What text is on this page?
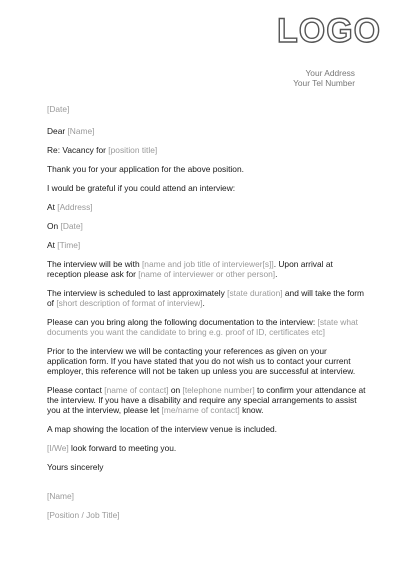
LOGO
Your Address
Your Tel Number

[Date]

Dear [Name]

Re: Vacancy for [position title]

Thank you for your application for the above position.

I would be grateful if you could attend an interview:

At [Address]

On [Date]

At [Time]

The interview will be with [name and job title of interviewer[s]]. Upon arrival at reception please ask for [name of interviewer or other person].

The interview is scheduled to last approximately [state duration] and will take the form of [short description of format of interview].

Please can you bring along the following documentation to the interview: [state what documents you want the candidate to bring e.g. proof of ID, certificates etc]

Prior to the interview we will be contacting your references as given on your application form. If you have stated that you do not wish us to contact your current employer, this reference will not be taken up unless you are successful at interview.

Please contact [name of contact] on [telephone number] to confirm your attendance at the interview. If you have a disability and require any special arrangements to assist you at the interview, please let [me/name of contact] know.

A map showing the location of the interview venue is included.

[I/We] look forward to meeting you.

Yours sincerely

[Name]

[Position / Job Title]
